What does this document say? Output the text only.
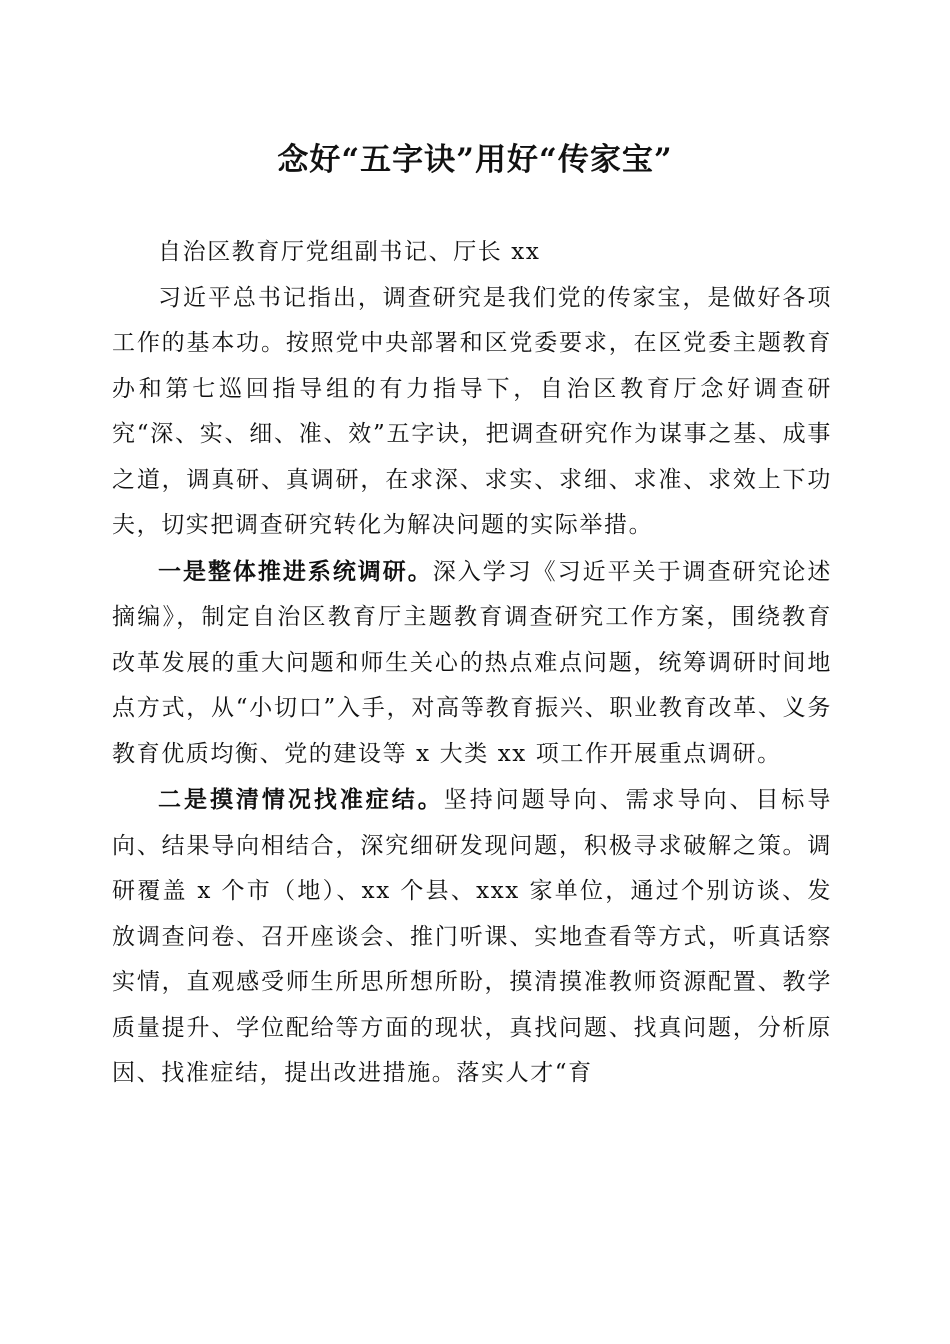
念好“五字诀”用好“传家宝”

自治区教育厅党组副书记、厅长 xx

习近平总书记指出，调查研究是我们党的传家宝，是做好各项工作的基本功。按照党中央部署和区党委要求，在区党委主题教育办和第七巡回指导组的有力指导下，自治区教育厅念好调查研究“深、实、细、准、效”五字诀，把调查研究作为谋事之基、成事之道，调真研、真调研，在求深、求实、求细、求准、求效上下功夫，切实把调查研究转化为解决问题的实际举措。

一是整体推进系统调研。深入学习《习近平关于调查研究论述摘编》，制定自治区教育厅主题教育调查研究工作方案，围绕教育改革发展的重大问题和师生关心的热点难点问题，统筹调研时间地点方式，从“小切口”入手，对高等教育振兴、职业教育改革、义务教育优质均衡、党的建设等 x 大类 xx 项工作开展重点调研。

二是摸清情况找准症结。坚持问题导向、需求导向、目标导向、结果导向相结合，深究细研发现问题，积极寻求破解之策。调研覆盖 x 个市（地）、xx 个县、xxx 家单位，通过个别访谈、发放调查问卷、召开座谈会、推门听课、实地查看等方式，听真话察实情，直观感受师生所思所想所盼，摸清摸准教师资源配置、教学质量提升、学位配给等方面的现状，真找问题、找真问题，分析原因、找准症结，提出改进措施。落实人才“育
